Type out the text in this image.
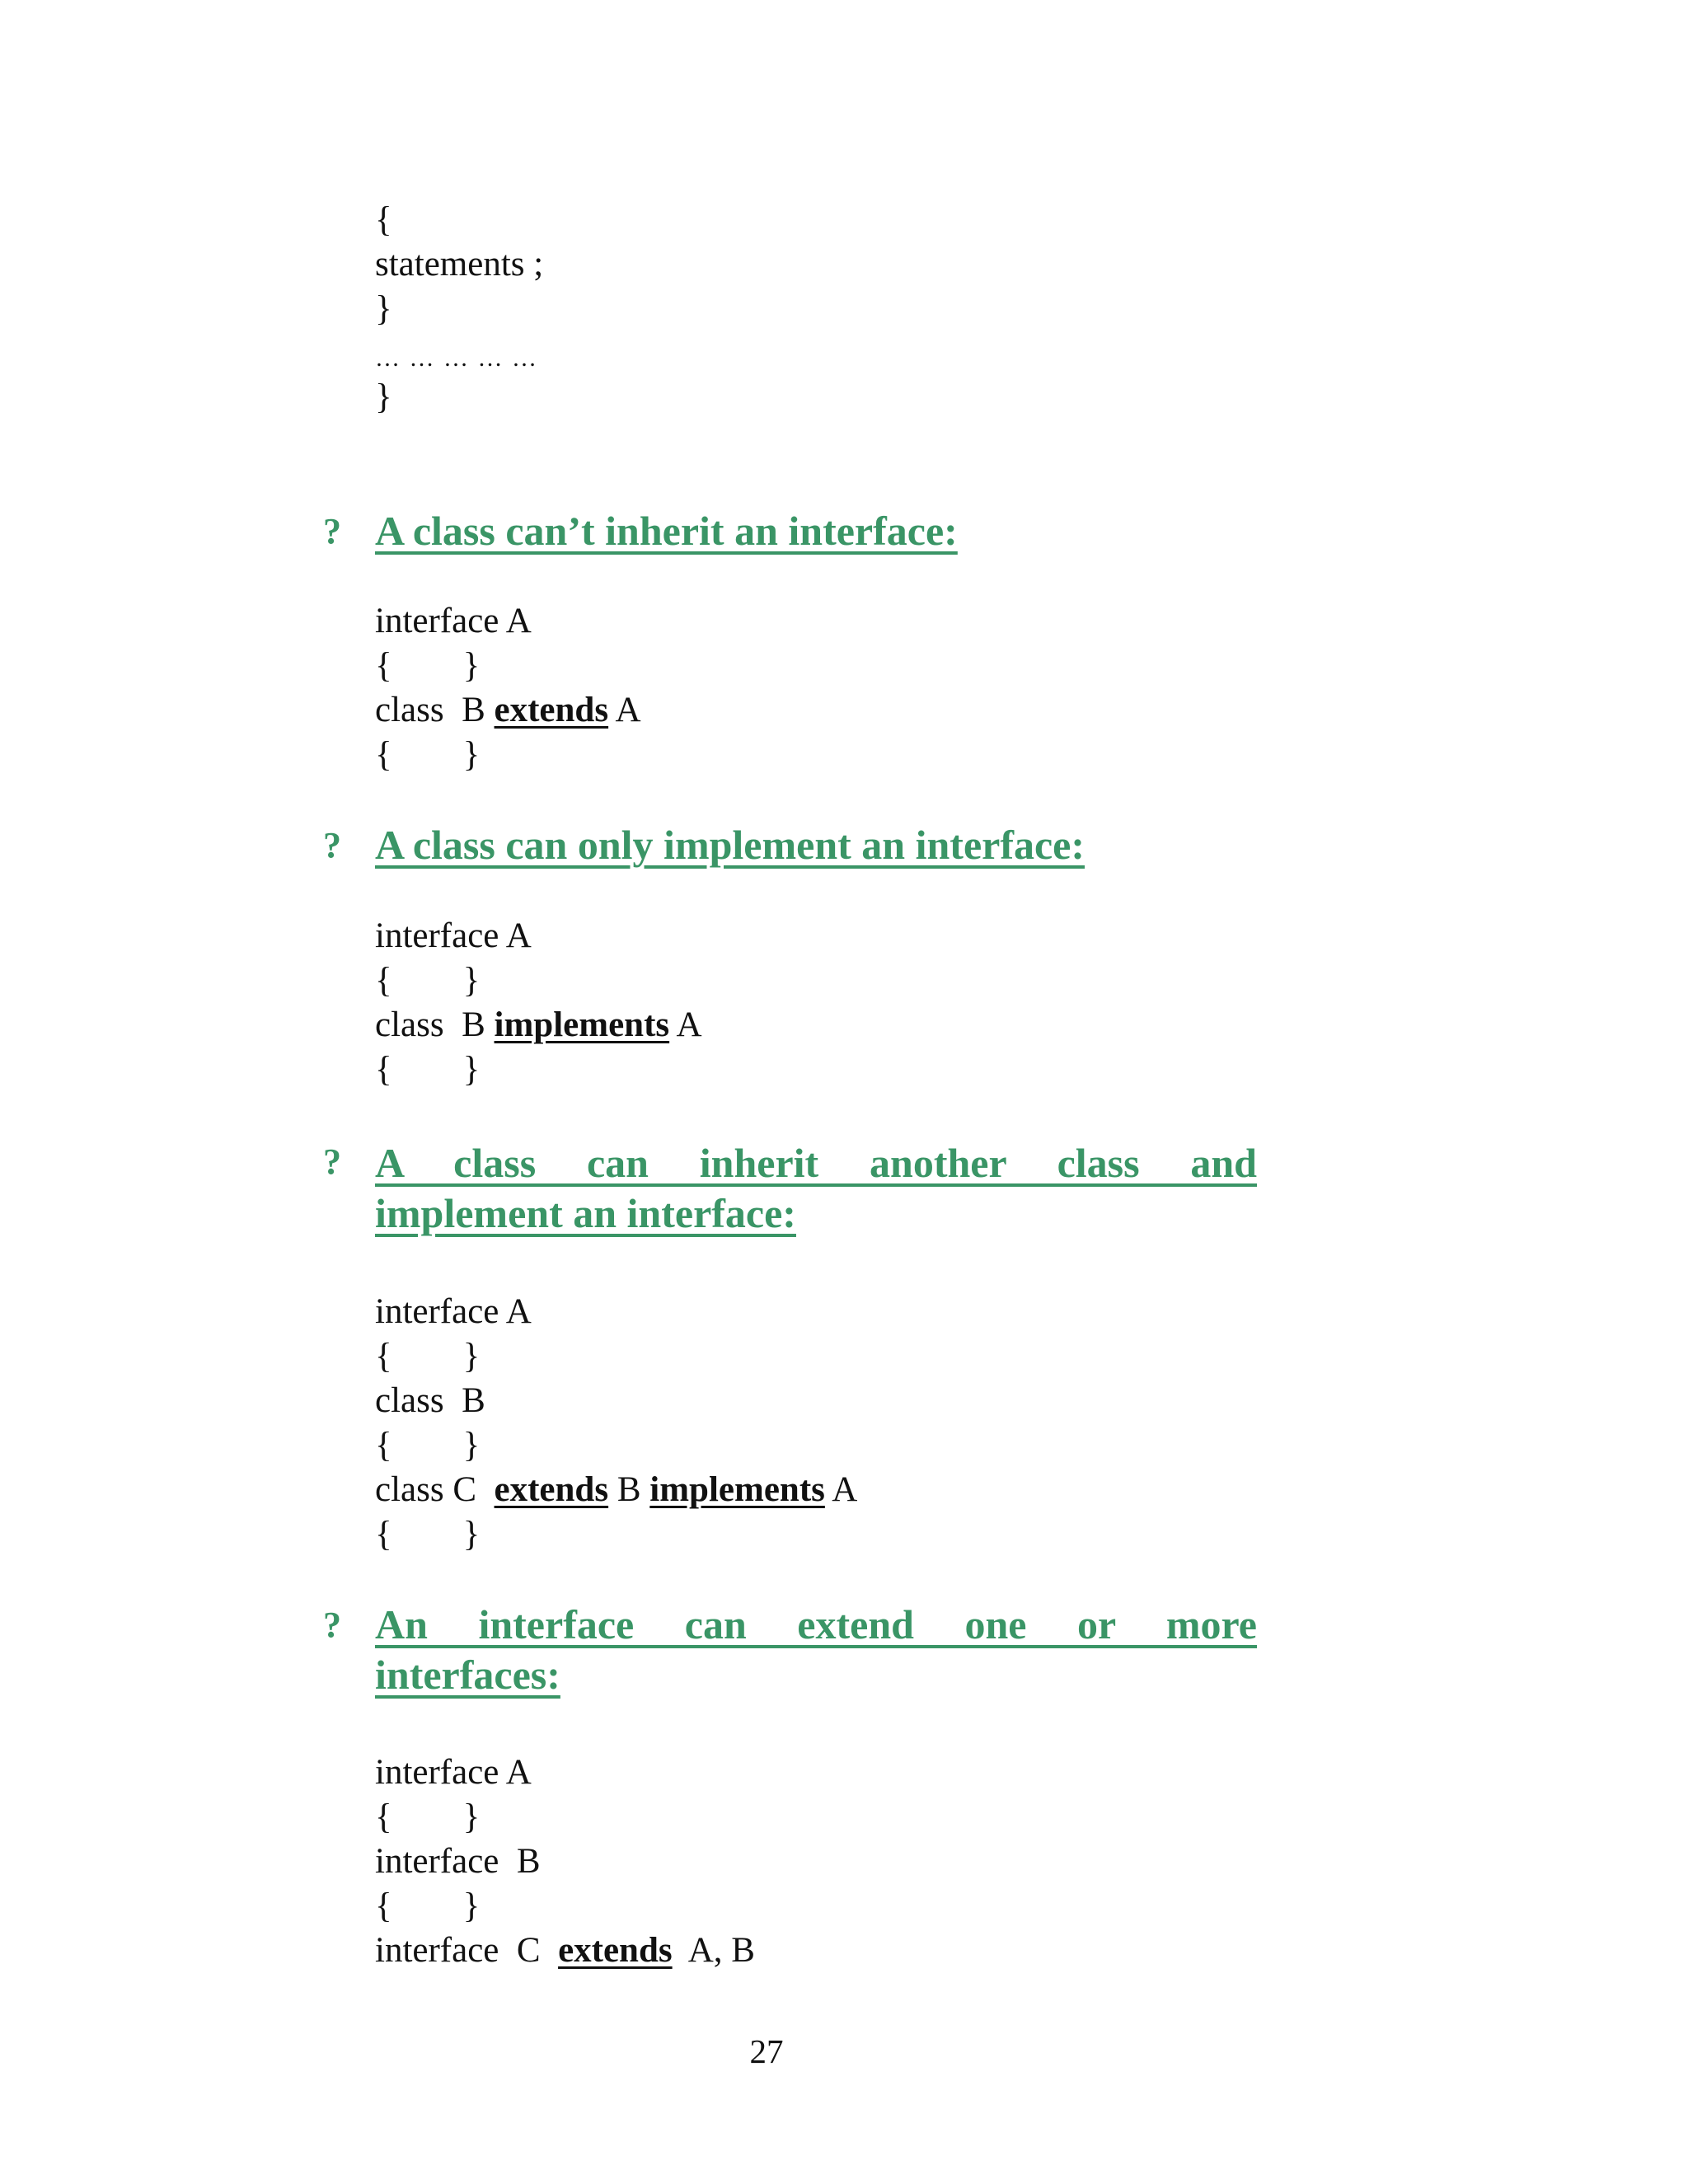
{
statements ;
}
… … … … …
}
? A class can’t inherit an interface:
interface A
{        }
class  B extends A
{        }
? A class can only implement an interface:
interface A
{        }
class  B implements A
{        }
? A class can inherit another class and
implement an interface:
interface A
{        }
class  B
{        }
class C  extends B implements A
{        }
? An interface can extend one or more
interfaces:
interface A
{        }
interface  B
{        }
interface  C  extends  A, B
27
